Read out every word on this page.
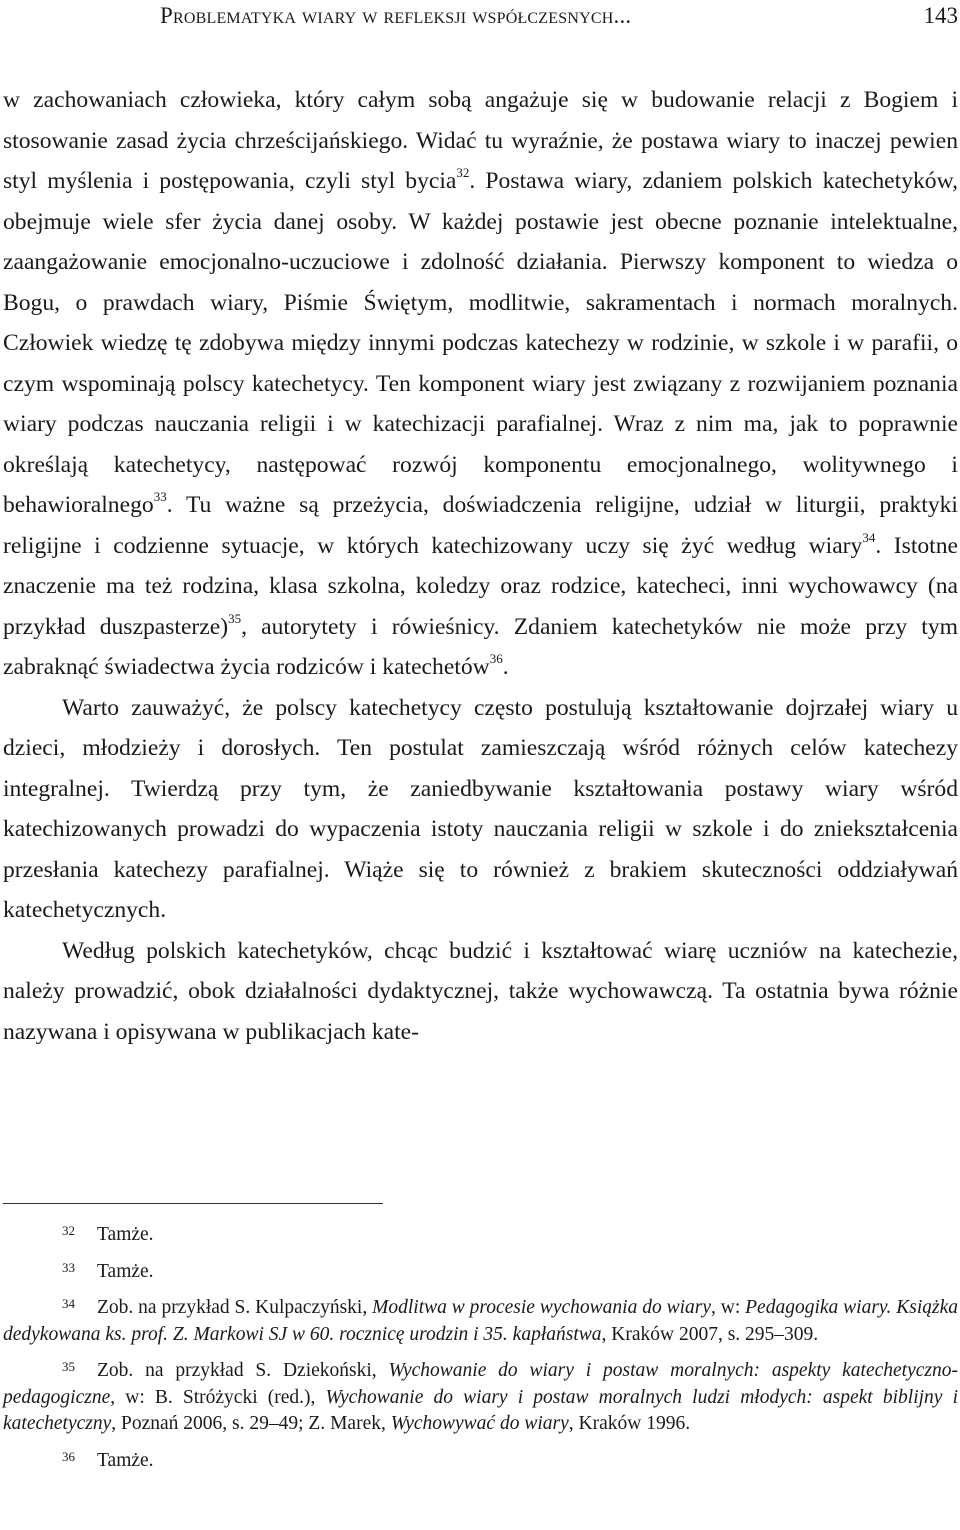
Problematyka wiary w refleksji współczesnych...	143

w zachowaniach człowieka, który całym sobą angażuje się w budowanie relacji z Bogiem i stosowanie zasad życia chrześcijańskiego. Widać tu wyraźnie, że postawa wiary to inaczej pewien styl myślenia i postępowania, czyli styl bycia$^{32}$. Postawa wiary, zdaniem polskich katechetyków, obejmuje wiele sfer życia danej osoby. W każdej postawie jest obecne poznanie intelektualne, zaangażowanie emocjonalno-uczuciowe i zdolność działania. Pierwszy komponent to wiedza o Bogu, o prawdach wiary, Piśmie Świętym, modlitwie, sakramentach i normach moralnych. Człowiek wiedzę tę zdobywa między innymi podczas katechezy w rodzinie, w szkole i w parafii, o czym wspominają polscy katechetycy. Ten komponent wiary jest związany z rozwijaniem poznania wiary podczas nauczania religii i w katechizacji parafialnej. Wraz z nim ma, jak to poprawnie określają katechetycy, następować rozwój komponentu emocjonalnego, wolitywnego i behawioralnego$^{33}$. Tu ważne są przeżycia, doświadczenia religijne, udział w liturgii, praktyki religijne i codzienne sytuacje, w których katechizowany uczy się żyć według wiary$^{34}$. Istotne znaczenie ma też rodzina, klasa szkolna, koledzy oraz rodzice, katecheci, inni wychowawcy (na przykład duszpasterze)$^{35}$, autorytety i rówieśnicy. Zdaniem katechetyków nie może przy tym zabraknąć świadectwa życia rodziców i katechetów$^{36}$.

Warto zauważyć, że polscy katechetycy często postulują kształtowanie dojrzałej wiary u dzieci, młodzieży i dorosłych. Ten postulat zamieszczają wśród różnych celów katechezy integralnej. Twierdzą przy tym, że zaniedbywanie kształtowania postawy wiary wśród katechizowanych prowadzi do wypaczenia istoty nauczania religii w szkole i do zniekształcenia przesłania katechezy parafialnej. Wiąże się to również z brakiem skuteczności oddziaływań katechetycznych.

Według polskich katechetyków, chcąc budzić i kształtować wiarę uczniów na katechezie, należy prowadzić, obok działalności dydaktycznej, także wychowawczą. Ta ostatnia bywa różnie nazywana i opisywana w publikacjach kate-

32 Tamże.

33 Tamże.

34 Zob. na przykład S. Kulpaczyński, Modlitwa w procesie wychowania do wiary, w: Pedagogika wiary. Książka dedykowana ks. prof. Z. Markowi SJ w 60. rocznicę urodzin i 35. kapłaństwa, Kraków 2007, s. 295–309.

35 Zob. na przykład S. Dziekoński, Wychowanie do wiary i postaw moralnych: aspekty katechetyczno-pedagogiczne, w: B. Stróżycki (red.), Wychowanie do wiary i postaw moralnych ludzi młodych: aspekt biblijny i katechetyczny, Poznań 2006, s. 29–49; Z. Marek, Wychowywać do wiary, Kraków 1996.

36 Tamże.
